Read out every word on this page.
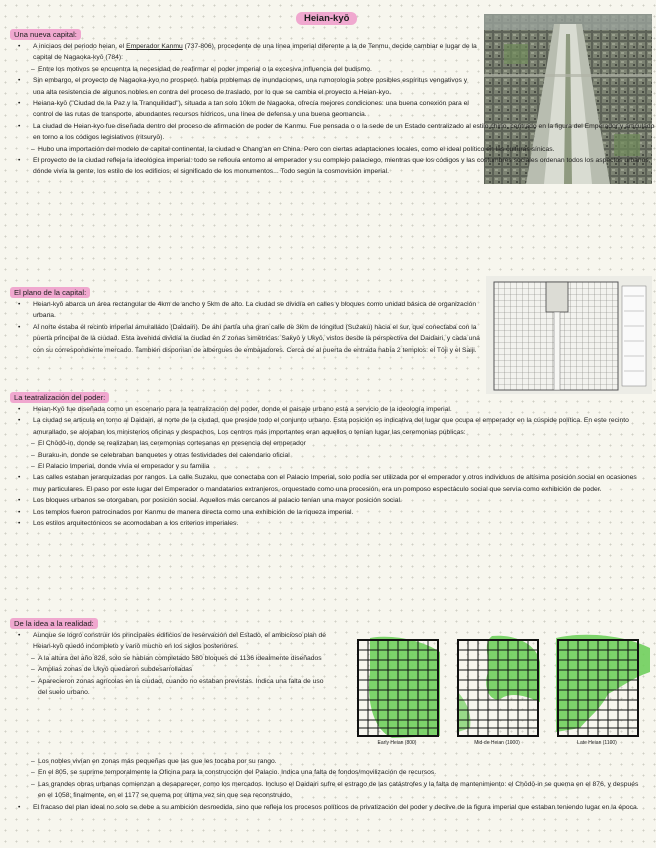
Heian-kyō
Una nueva capital:
• A iniciaos del periodo heian, el Emperador Kanmu (737-806), procedente de una línea imperial diferente a la de Tenmu, decide cambiar e lugar de la capital de Nagaoka-kyō (784):
– Entre los motivos se encuentra la necesidad de reafirmar el poder imperial o la excesiva influencia del budismo.
• Sin embargo, el proyecto de Nagaoka-kyo no prosperó. había problemas de inundaciones, una rumorología sobre posibles espíritus vengativos y una alta resistencia de algunos nobles en contra del proceso de traslado, por lo que se cambia el proyecto a Heian-kyo.
• Heiana-kyō ("Ciudad de la Paz y la Tranquilidad"), situada a tan solo 10km de Nagaoka, ofrecía mejores condiciones: una buena conexión para el control de las rutas de transporte, abundantes recursos hídricos, una línea de defensa y una buena geomancia.
• La ciudad de Heian-kyo fue diseñada dentro del proceso de afirmación de poder de Kanmu. Fue pensada o o la sede de un Estado centralizado al estilo chino, centrado en la figura del Emperador y articulado en torno a los códigos legislativos (ritsuryō).
– Hubo una importación del modelo de capital continental, la ciudad e Chang'an en China. Pero con ciertas adaptaciones locales, como el ideal político en las culturas sínicas.
• El proyecto de la ciudad refleja la ideológica imperial: todo se refiouía entorno al emperador y su complejo palaciego, mientras que los códigos y las costumbres sociales ordenan todos los aspectos urbanos, dónde vivía la gente, los estilo de los edificios, el significado de los monumentos... Todo según la cosmovisión imperial.
El plano de la capital:
• Heian-kyō abarca un área rectangular de 4km de ancho y 5km de alto. La ciudad se dividía en calles y bloques como unidad básica de organización urbana.
• Al norte estaba el recinto imperial amurallado (Daidairi). De ahí partía una gran calle de 3km de longitud (Suzaku) hacia el sur, que conectaba con la puerta principal de la ciudad. Esta avenida dividía la ciudad en 2 zonas simétricas: Sakyō y Ukyō, vistos desde la perspectiva del Daidairi, y cada una con su correspondiente mercado. También disponían de albergues de embajadores. Cerca de al puerta de entrada había 2 templos: el Tōji y el Saiji.
La teatralización del poder:
• Heian-Kyō fue diseñada como un escenario para la teatralización del poder, donde el paisaje urbano está a servicio de la ideología imperial.
• La ciudad se articula en torno al Daidairi, al norte de la ciudad, que preside todo el conjunto urbano. Esta posición es indicativa del lugar que ocupa el emperador en la cúspide política. En este recinto amurallado, se alojaban los ministerios oficinas y despachos. Los centros más importantes eran aquellos o tenían lugar las ceremonias públicas:
– El Chōdō-in, donde se realizaban las ceremonias cortesanas en presencia del emperador
– Buraku-in, donde se celebraban banquetes y otras festividades del calendario oficial
– El Palacio Imperial, donde vivía el emperador y su familia
• Las calles estaban jerarquizadas por rangos. La calle Suzaku, que conectaba con el Palacio Imperial, solo podía ser utilizada por el emperador y otros individuos de altísima posición social en ocasiones muy particulares. El paso por este lugar del Emperador o mandatarios extranjeros, orquestado como una procesión, era un pomposo espectáculo social que servía como exhibición de poder.
• Los bloques urbanos se otorgaban, por posición social. Aquellos más cercanos al palacio tenían una mayor posición social.
• Los templos fueron patrocinados por Kanmu de manera directa como una exhibición de la riqueza imperial.
• Los estilos arquitectónicos se acomodaban a los criterios imperiales.
De la idea a la realidad:
• Aunque se logró construir los principales edificios de reservación del Estado, el ambicioso plan de Heian-kyō quedó incompleto y varió mucho en los siglos posteriores.
– A la altura del año 828, solo se habían completado 580 bloques de 1136 idealmente diseñados
– Amplias zonas de Ukyō quedaron subdesarrolladas
– Aparecieron zonas agrícolas en la ciudad, cuando no estaban previstas. Indica una falta de uso del suelo urbano.
– Los nobles vivían en zonas más pequeñas que las que les tocaba por su rango.
– En el 805, se suprime temporalmente la Oficina para la construcción del Palacio. Indica una falta de fondos/movilización de recursos.
– Las grandes obras urbanas comienzan a desaparecer, como los mercados. Incluso el Daidairi sufre el estrago de las catástrofes y la falta de mantenimiento: el Chōdō-in se quema en el 876, y después en el 1058; finalmente, en el 1177 se quema por última vez sin que sea reconstruido.
• El fracaso del plan ideal no solo se debe a su ambición desmedida, sino que refleja los procesos políticos de privatización del poder y declive de la figura imperial que estaban teniendo lugar en la época.
Early Heian (800)	Mid-de Heian (1000)	Late Heian (1100)
